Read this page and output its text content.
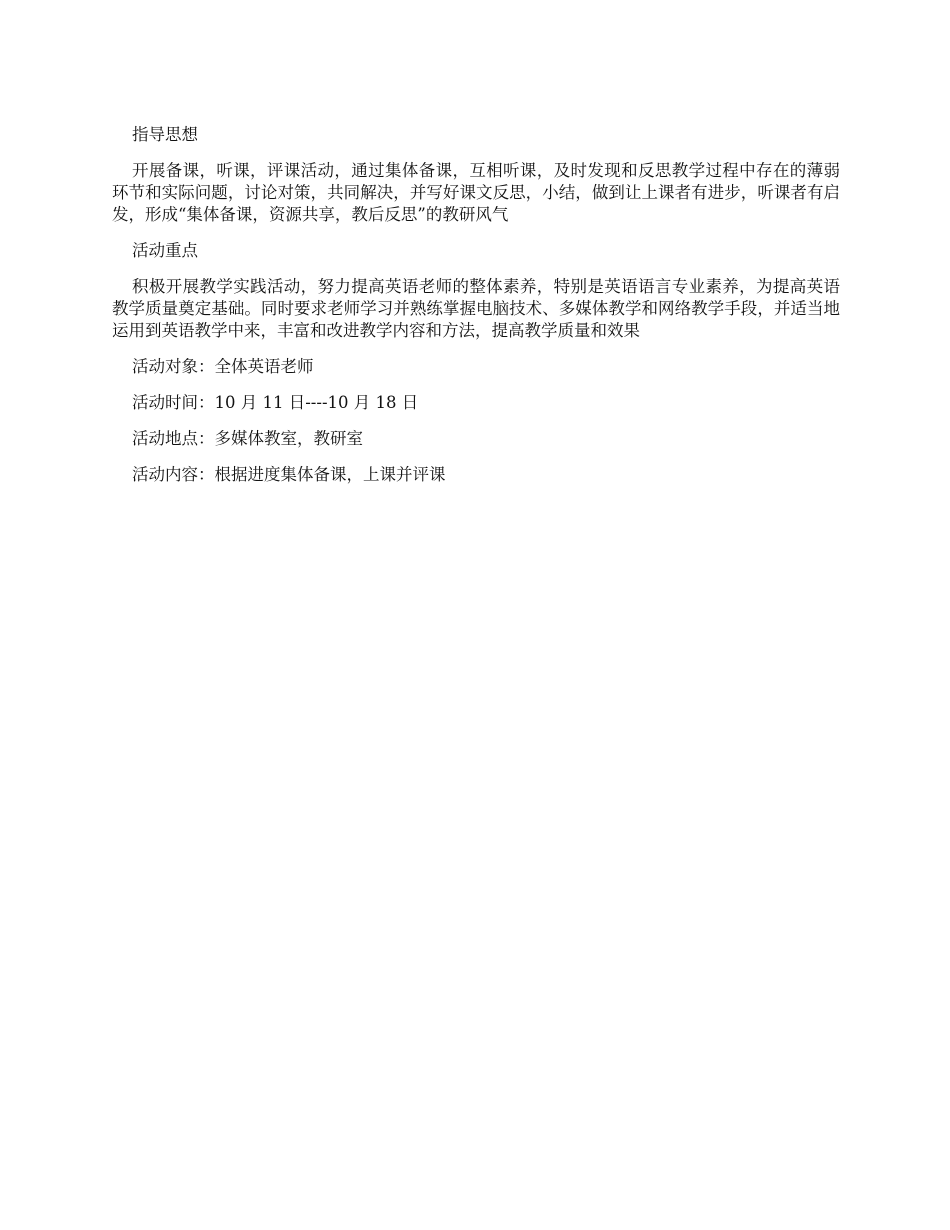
指导思想

开展备课，听课，评课活动，通过集体备课，互相听课，及时发现和反思教学过程中存在的薄弱环节和实际问题，讨论对策，共同解决，并写好课文反思，小结，做到让上课者有进步，听课者有启发，形成“集体备课，资源共享，教后反思”的教研风气

活动重点

积极开展教学实践活动，努力提高英语老师的整体素养，特别是英语语言专业素养，为提高英语教学质量奠定基础。同时要求老师学习并熟练掌握电脑技术、多媒体教学和网络教学手段，并适当地运用到英语教学中来，丰富和改进教学内容和方法，提高教学质量和效果

活动对象：全体英语老师

活动时间：10 月 11 日----10 月 18 日

活动地点：多媒体教室，教研室

活动内容：根据进度集体备课，上课并评课
